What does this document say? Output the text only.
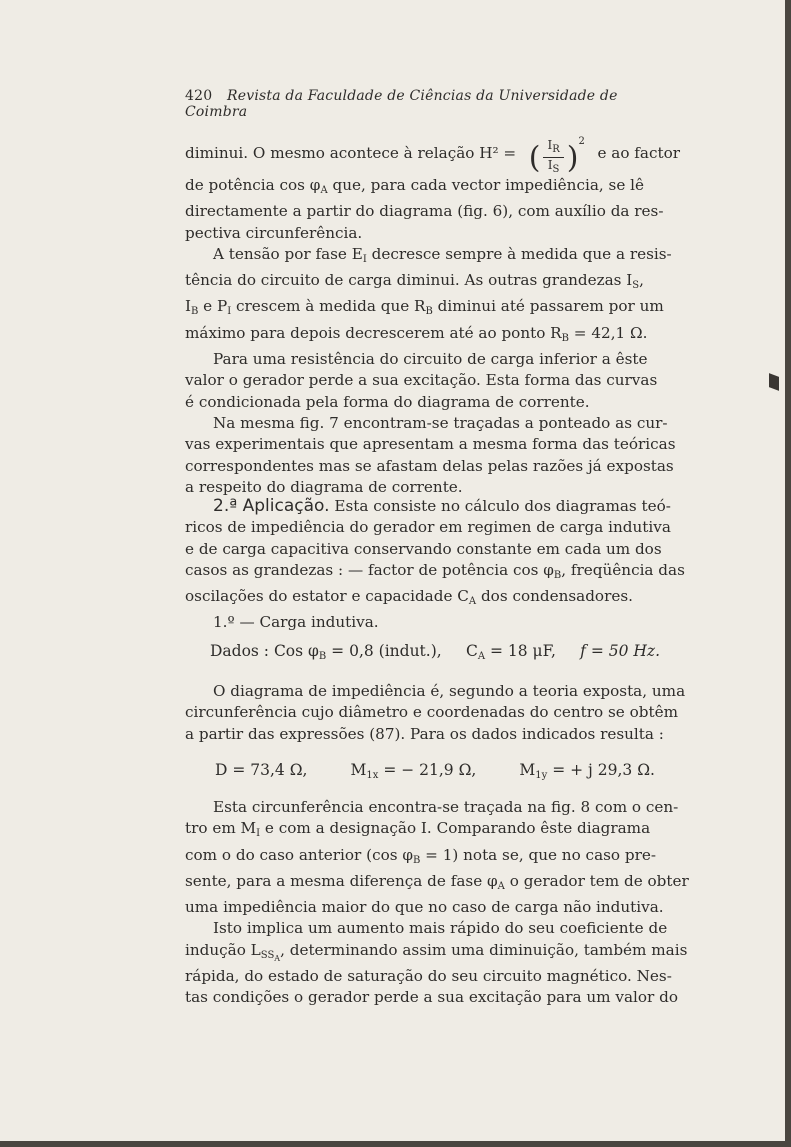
420 Revista da Faculdade de Ciências da Universidade de Coimbra
diminui. O mesmo acontece à relação H² = ( $\frac{I_R}{I_S} )^2$
e ao factor
de potência $\cos \varphi_A$ que, para cada vector impediência, se lê
directamente a partir do diagrama (fig. 6), com auxílio da res-
pectiva circunferência.
A tensão por fase $E_I$ decresce sempre à medida que a resis-
tência do circuito de carga diminui. As outras grandezas $I_S$,
$I_B$ e $P_I$ crescem à medida que $R_B$ diminui até passarem por um
máximo para depois decrescerem até ao ponto $R_B = 42,1$ Ω.
Para uma resistência do circuito de carga inferior a êste
valor o gerador perde a sua excitação. Esta forma das curvas
é condicionada pela forma do diagrama de corrente.
Na mesma fig. 7 encontram-se traçadas a ponteado as cur-
vas experimentais que apresentam a mesma forma das teóricas
correspondentes mas se afastam delas pelas razões já expostas
a respeito do diagrama de corrente.
2.ª Aplicação. Esta consiste no cálculo dos diagramas teó-
ricos de impediência do gerador em regimen de carga indutiva
e de carga capacitiva conservando constante em cada um dos
casos as grandezas : — factor de potência $\cos \varphi_B$, freqüência das
oscilações do estator e capacidade $C_A$ dos condensadores.
1.º — Carga indutiva.
Dados : Cos $\varphi_B = 0,8$ (indut.), $C_A = 18$ μF, f = 50 Hz.
O diagrama de impediência é, segundo a teoria exposta, uma
circunferência cujo diâmetro e coordenadas do centro se obtêm
a partir das expressões (87). Para os dados indicados resulta :
D = 73,4 Ω,	$M_{1x}$ = − 21,9 Ω,	$M_{1y}$ = + j 29,3 Ω.
Esta circunferência encontra-se traçada na fig. 8 com o cen-
tro em $M_I$ e com a designação I. Comparando êste diagrama
com o do caso anterior (cos $\varphi_B = 1$) nota se, que no caso pre-
sente, para a mesma diferença de fase $\varphi_A$ o gerador tem de obter
uma impediência maior do que no caso de carga não indutiva.
Isto implica um aumento mais rápido do seu coeficiente de
indução $L_{SSA}$, determinando assim uma diminuição, também mais
rápida, do estado de saturação do seu circuito magnético. Nes-
tas condições o gerador perde a sua excitação para um valor do
